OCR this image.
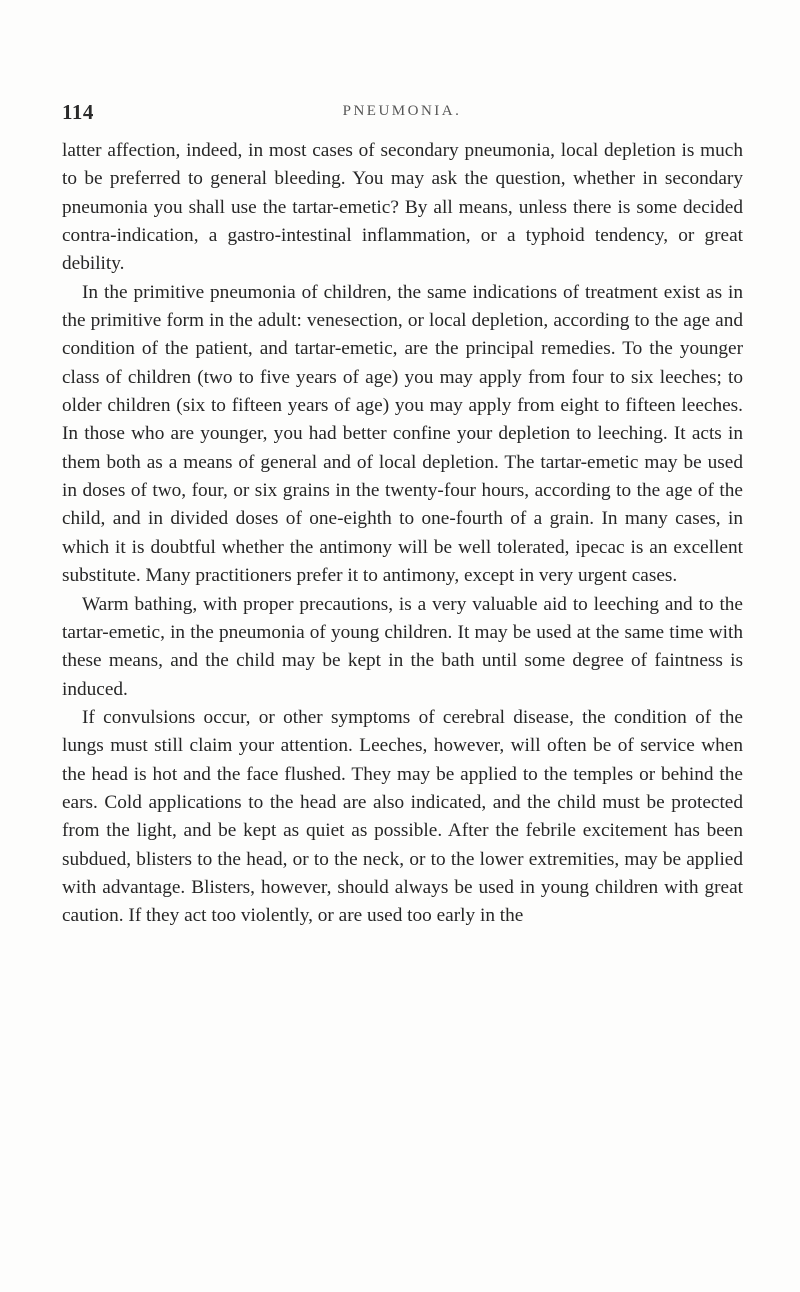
114	PNEUMONIA.

latter affection, indeed, in most cases of secondary pneumonia, local depletion is much to be preferred to general bleeding. You may ask the question, whether in secondary pneumonia you shall use the tartar-emetic? By all means, unless there is some decided contra-indication, a gastro-intestinal inflammation, or a typhoid tendency, or great debility.

In the primitive pneumonia of children, the same indications of treatment exist as in the primitive form in the adult: venesection, or local depletion, according to the age and condition of the patient, and tartar-emetic, are the principal remedies. To the younger class of children (two to five years of age) you may apply from four to six leeches; to older children (six to fifteen years of age) you may apply from eight to fifteen leeches. In those who are younger, you had better confine your depletion to leeching. It acts in them both as a means of general and of local depletion. The tartar-emetic may be used in doses of two, four, or six grains in the twenty-four hours, according to the age of the child, and in divided doses of one-eighth to one-fourth of a grain. In many cases, in which it is doubtful whether the antimony will be well tolerated, ipecac is an excellent substitute. Many practitioners prefer it to antimony, except in very urgent cases.

Warm bathing, with proper precautions, is a very valuable aid to leeching and to the tartar-emetic, in the pneumonia of young children. It may be used at the same time with these means, and the child may be kept in the bath until some degree of faintness is induced.

If convulsions occur, or other symptoms of cerebral disease, the condition of the lungs must still claim your attention. Leeches, however, will often be of service when the head is hot and the face flushed. They may be applied to the temples or behind the ears. Cold applications to the head are also indicated, and the child must be protected from the light, and be kept as quiet as possible. After the febrile excitement has been subdued, blisters to the head, or to the neck, or to the lower extremities, may be applied with advantage. Blisters, however, should always be used in young children with great caution. If they act too violently, or are used too early in the
